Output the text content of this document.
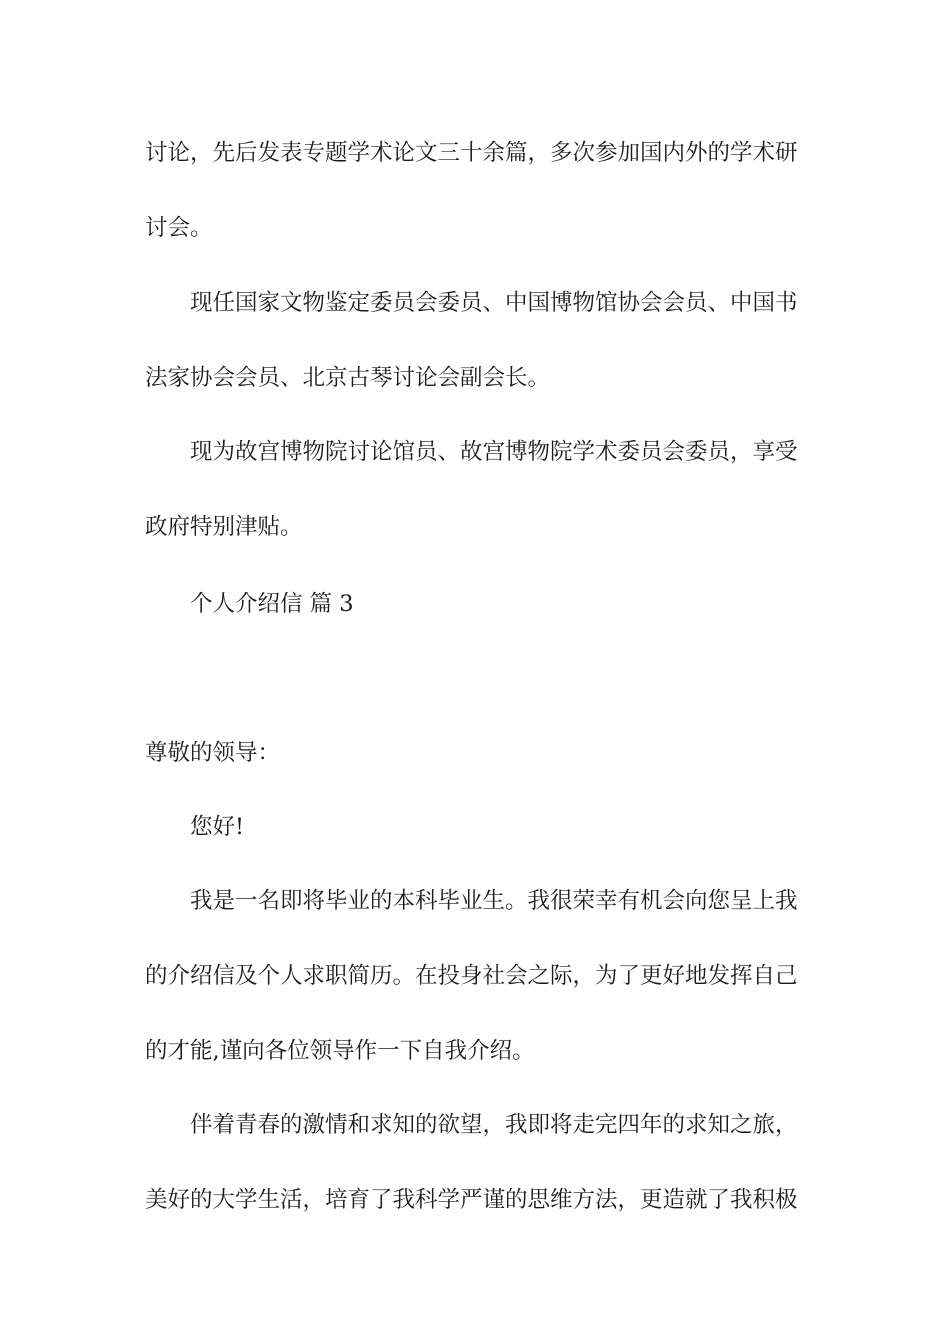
讨论，先后发表专题学术论文三十余篇，多次参加国内外的学术研
讨会。
现任国家文物鉴定委员会委员、中国博物馆协会会员、中国书
法家协会会员、北京古琴讨论会副会长。
现为故宫博物院讨论馆员、故宫博物院学术委员会委员，享受
政府特别津贴。
个人介绍信 篇 3
尊敬的领导：
您好!
我是一名即将毕业的本科毕业生。我很荣幸有机会向您呈上我
的介绍信及个人求职简历。在投身社会之际，为了更好地发挥自己
的才能,谨向各位领导作一下自我介绍。
伴着青春的激情和求知的欲望，我即将走完四年的求知之旅，
美好的大学生活，培育了我科学严谨的思维方法，更造就了我积极
